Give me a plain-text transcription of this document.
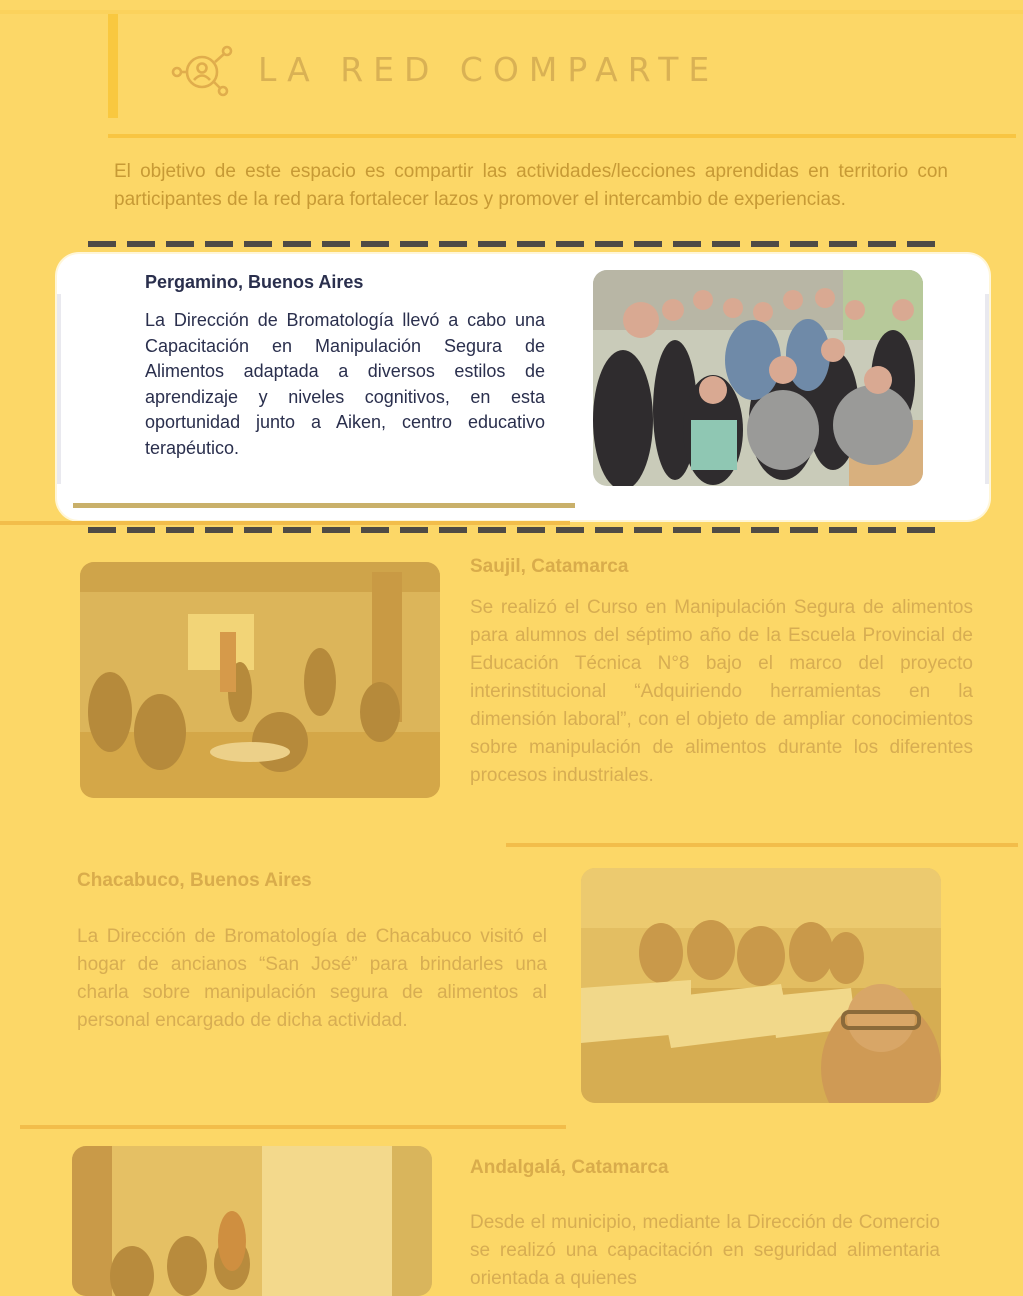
LA RED COMPARTE
El objetivo de este espacio es compartir las actividades/lecciones aprendidas en territorio con participantes de la red para fortalecer lazos y promover el intercambio de experiencias.
Pergamino, Buenos Aires
La Dirección de Bromatología llevó a cabo una Capacitación en Manipulación Segura de Alimentos adaptada a diversos estilos de aprendizaje y niveles cognitivos, en esta oportunidad junto a Aiken, centro educativo terapéutico.
Saujil, Catamarca
Se realizó el Curso en Manipulación Segura de alimentos para alumnos del séptimo año de la Escuela Provincial de Educación Técnica N°8 bajo el marco del proyecto interinstitucional “Adquiriendo herramientas en la dimensión laboral”, con el objeto de ampliar conocimientos sobre manipulación de alimentos durante los diferentes procesos industriales.
Chacabuco, Buenos Aires
La Dirección de Bromatología de Chacabuco visitó el hogar de ancianos “San José” para brindarles una charla sobre manipulación segura de alimentos al personal encargado de dicha actividad.
Andalgalá, Catamarca
Desde el municipio, mediante la Dirección de Comercio se realizó una capacitación en seguridad alimentaria orientada a quienes
